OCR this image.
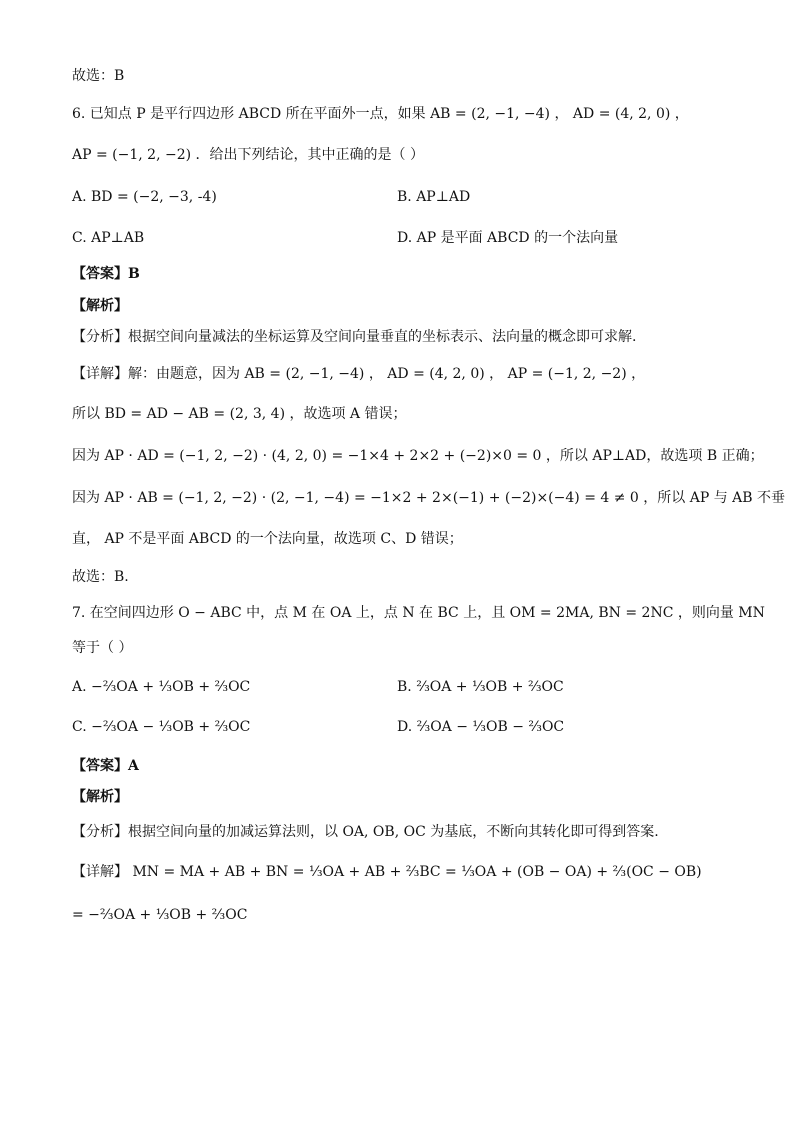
故选：B
6. 已知点 P 是平行四边形 ABCD 所在平面外一点，如果 AB = (2, −1, −4) ， AD = (4, 2, 0) ，
AP = (−1, 2, −2) ．给出下列结论，其中正确的是（ ）
A. BD = (−2, −3, -4)	B. AP⊥AD
C. AP⊥AB	D. AP 是平面 ABCD 的一个法向量
【答案】B
【解析】
【分析】根据空间向量减法的坐标运算及空间向量垂直的坐标表示、法向量的概念即可求解.
【详解】解：由题意，因为 AB = (2, −1, −4) ， AD = (4, 2, 0) ， AP = (−1, 2, −2) ，
所以 BD = AD − AB = (2, 3, 4) ，故选项 A 错误；
因为 AP · AD = (−1, 2, −2) · (4, 2, 0) = −1×4 + 2×2 + (−2)×0 = 0 ，所以 AP⊥AD，故选项 B 正确；
因为 AP · AB = (−1, 2, −2) · (2, −1, −4) = −1×2 + 2×(−1) + (−2)×(−4) = 4 ≠ 0 ，所以 AP 与 AB 不垂
直， AP 不是平面 ABCD 的一个法向量，故选项 C、D 错误；
故选：B.
7. 在空间四边形 O − ABC 中，点 M 在 OA 上，点 N 在 BC 上，且 OM = 2MA, BN = 2NC ，则向量 MN
等于（ ）
A. −⅔OA + ⅓OB + ⅔OC	B. ⅔OA + ⅓OB + ⅔OC
C. −⅔OA − ⅓OB + ⅔OC	D. ⅔OA − ⅓OB − ⅔OC
【答案】A
【解析】
【分析】根据空间向量的加减运算法则，以 OA, OB, OC 为基底，不断向其转化即可得到答案.
【详解】 MN = MA + AB + BN = ⅓OA + AB + ⅔BC = ⅓OA + (OB − OA) + ⅔(OC − OB)
= −⅔OA + ⅓OB + ⅔OC
